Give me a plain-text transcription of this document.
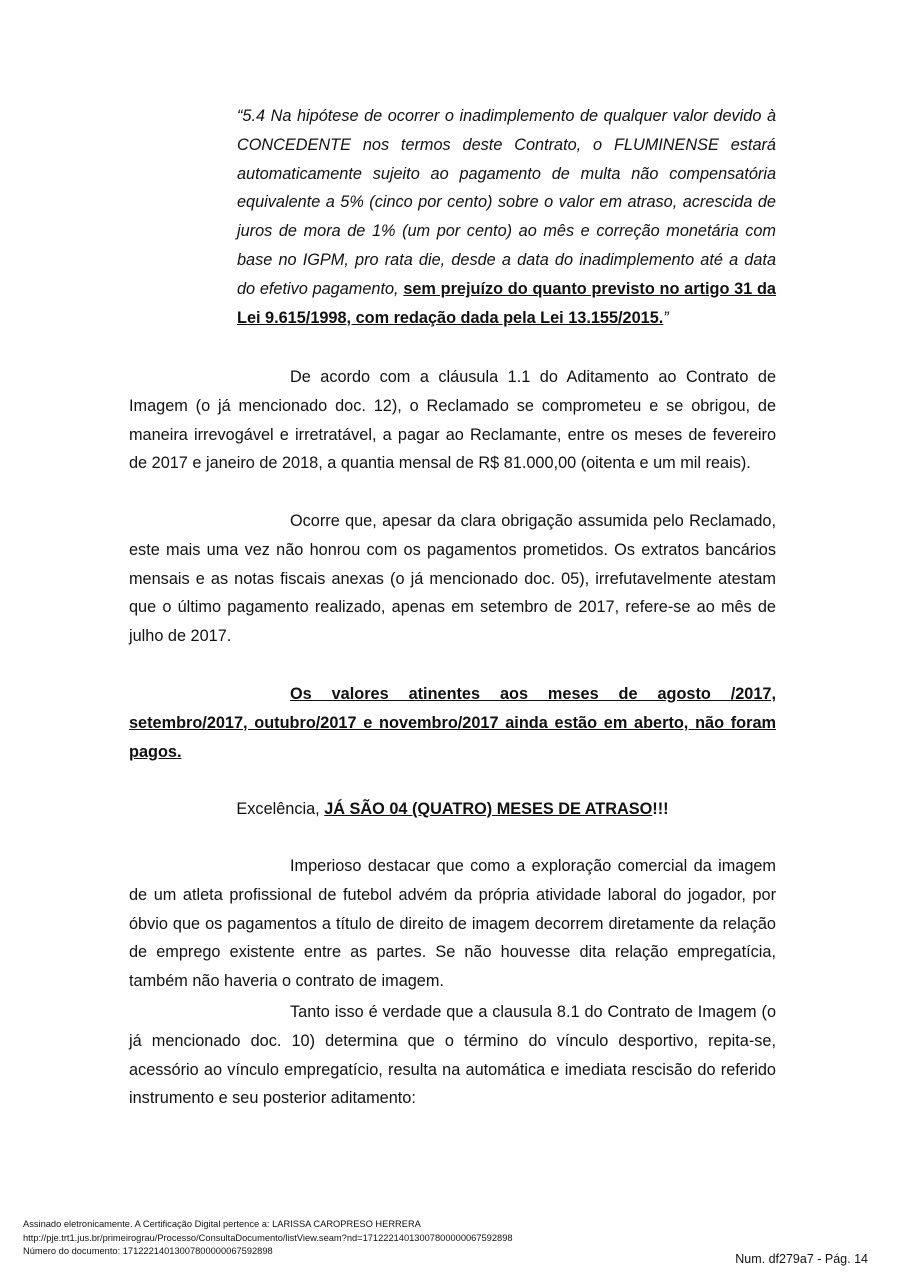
“5.4 Na hipótese de ocorrer o inadimplemento de qualquer valor devido à CONCEDENTE nos termos deste Contrato, o FLUMINENSE estará automaticamente sujeito ao pagamento de multa não compensatória equivalente a 5% (cinco por cento) sobre o valor em atraso, acrescida de juros de mora de 1% (um por cento) ao mês e correção monetária com base no IGPM, pro rata die, desde a data do inadimplemento até a data do efetivo pagamento, sem prejuízo do quanto previsto no artigo 31 da Lei 9.615/1998, com redação dada pela Lei 13.155/2015.”

De acordo com a cláusula 1.1 do Aditamento ao Contrato de Imagem (o já mencionado doc. 12), o Reclamado se comprometeu e se obrigou, de maneira irrevogável e irretratável, a pagar ao Reclamante, entre os meses de fevereiro de 2017 e janeiro de 2018, a quantia mensal de R$ 81.000,00 (oitenta e um mil reais).

Ocorre que, apesar da clara obrigação assumida pelo Reclamado, este mais uma vez não honrou com os pagamentos prometidos. Os extratos bancários mensais e as notas fiscais anexas (o já mencionado doc. 05), irrefutavelmente atestam que o último pagamento realizado, apenas em setembro de 2017, refere-se ao mês de julho de 2017.

Os valores atinentes aos meses de agosto /2017, setembro/2017, outubro/2017 e novembro/2017 ainda estão em aberto, não foram pagos.

Excelência, JÁ SÃO 04 (QUATRO) MESES DE ATRASO!!!

Imperioso destacar que como a exploração comercial da imagem de um atleta profissional de futebol advém da própria atividade laboral do jogador, por óbvio que os pagamentos a título de direito de imagem decorrem diretamente da relação de emprego existente entre as partes. Se não houvesse dita relação empregatícia, também não haveria o contrato de imagem.

Tanto isso é verdade que a clausula 8.1 do Contrato de Imagem (o já mencionado doc. 10) determina que o término do vínculo desportivo, repita-se, acessório ao vínculo empregatício, resulta na automática e imediata rescisão do referido instrumento e seu posterior aditamento:

Assinado eletronicamente. A Certificação Digital pertence a: LARISSA CAROPRESO HERRERA
http://pje.trt1.jus.br/primeirograu/Processo/ConsultaDocumento/listView.seam?nd=17122214013007800000067592898
Número do documento: 17122214013007800000067592898
Num. df279a7 - Pág. 14
